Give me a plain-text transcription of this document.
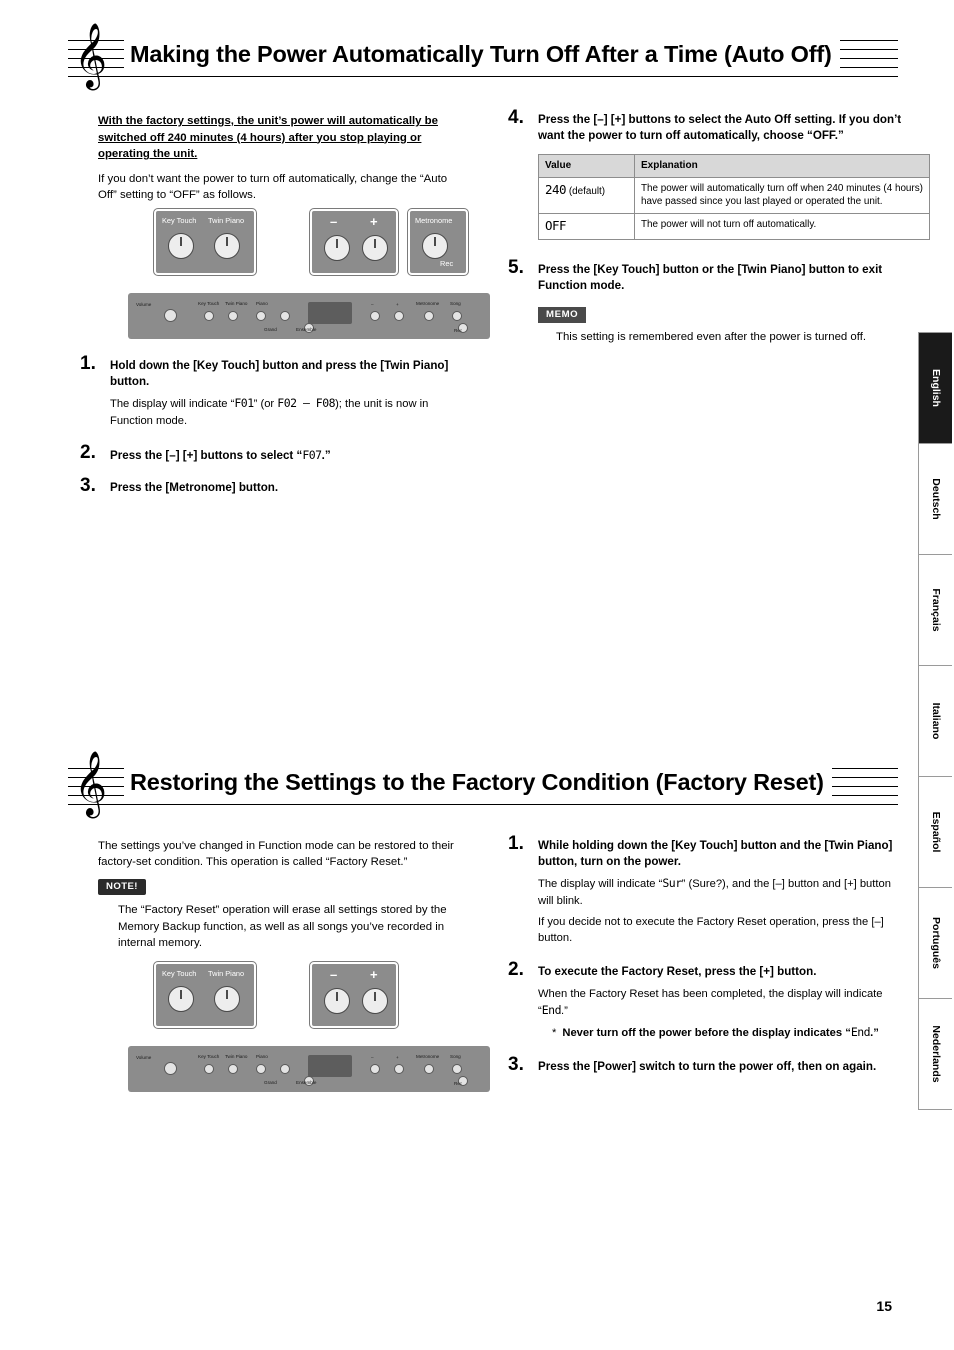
𝄞 Making the Power Automatically Turn Off After a Time (Auto Off)
With the factory settings, the unit’s power will automatically be switched off 240 minutes (4 hours) after you stop playing or operating the unit.
If you don’t want the power to turn off automatically, change the “Auto Off” setting to “OFF” as follows.
Volume	Key Touch Twin Piano Piano
Grand	Ensemble
–	+	Metronome Song
Rec
Key Touch Twin Piano	–	+	Metronome
Rec
1. Hold down the [Key Touch] button and press the [Twin Piano] button.
The display will indicate “F01” (or F02 – F08); the unit is now in Function mode.
2. Press the [–] [+] buttons to select “F07.”
3. Press the [Metronome] button.
4. Press the [–] [+] buttons to select the Auto Off setting. If you don’t want the power to turn off automatically, choose “OFF.”
Value	Explanation
240 (default)	The power will automatically turn off when 240 minutes (4 hours) have passed since you last played or operated the unit.
OFF	The power will not turn off automatically.
5. Press the [Key Touch] button or the [Twin Piano] button to exit Function mode.
MEMO
This setting is remembered even after the power is turned off.
𝄞 Restoring the Settings to the Factory Condition (Factory Reset)
The settings you’ve changed in Function mode can be restored to their factory-set condition. This operation is called “Factory Reset.”
NOTE!
The “Factory Reset” operation will erase all settings stored by the Memory Backup function, as well as all songs you’ve recorded in internal memory.
Volume	Key Touch Twin Piano Piano
Grand	Ensemble
–	+	Metronome Song
Rec
Key Touch Twin Piano	–	+
1. While holding down the [Key Touch] button and the [Twin Piano] button, turn on the power.
The display will indicate “Sur” (Sure?), and the [–] button and [+] button will blink.
If you decide not to execute the Factory Reset operation, press the [–] button.
2. To execute the Factory Reset, press the [+] button.
When the Factory Reset has been completed, the display will indicate “End.”
* Never turn off the power before the display indicates “End.”
3. Press the [Power] switch to turn the power off, then on again.
English
Deutsch
Français
Italiano
Español
Português
Nederlands
15
